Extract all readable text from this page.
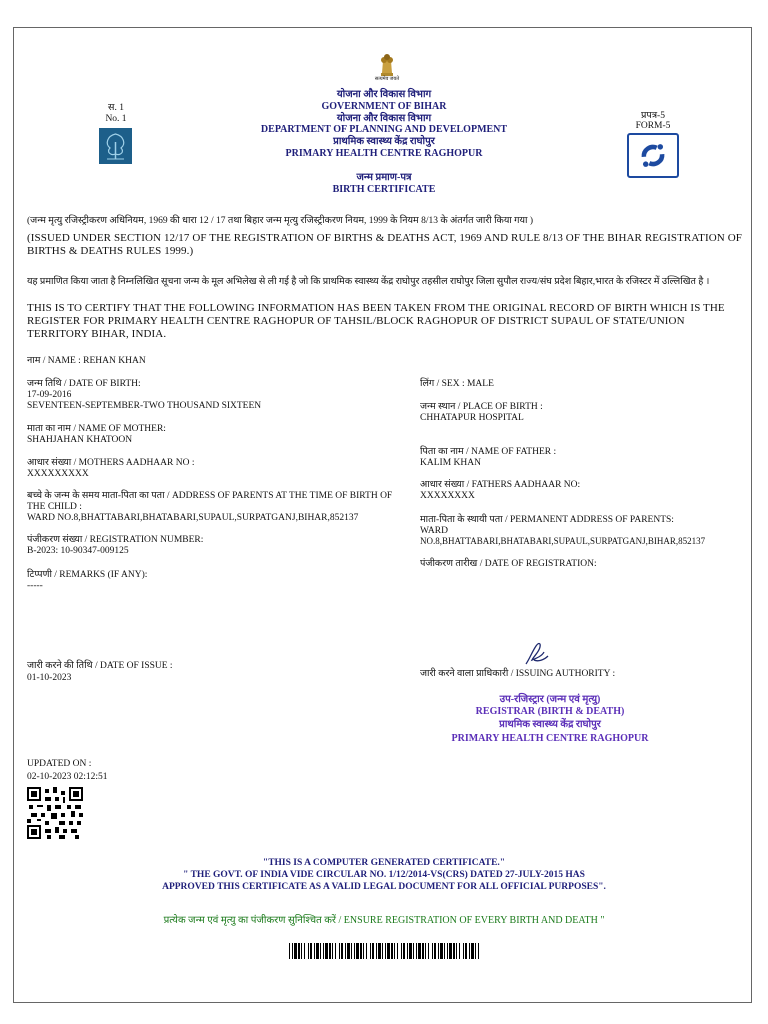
सत्यमेव जयते
स. 1
No. 1
योजना और विकास विभाग
GOVERNMENT OF BIHAR
योजना और विकास विभाग
DEPARTMENT OF PLANNING AND DEVELOPMENT
प्राथमिक स्वास्थ्य केंद्र राघोपुर
PRIMARY HEALTH CENTRE RAGHOPUR
जन्म प्रमाण-पत्र
BIRTH CERTIFICATE
प्रपत्र-5
FORM-5
(जन्म मृत्यु रजिस्ट्रीकरण अधिनियम, 1969 की धारा 12 / 17 तथा बिहार जन्म मृत्यु रजिस्ट्रीकरण नियम, 1999 के नियम 8/13 के अंतर्गत जारी किया गया )
(ISSUED UNDER SECTION 12/17 OF THE REGISTRATION OF BIRTHS & DEATHS ACT, 1969 AND RULE 8/13 OF THE BIHAR REGISTRATION OF BIRTHS & DEATHS RULES 1999.)
यह प्रमाणित किया जाता है निम्नलिखित सूचना जन्म के मूल अभिलेख से ली गई है जो कि प्राथमिक स्वास्थ्य केंद्र राघोपुर तहसील राघोपुर जिला सुपौल राज्य/संघ प्रदेश बिहार,भारत के रजिस्टर में उल्लिखित है ।
THIS IS TO CERTIFY THAT THE FOLLOWING INFORMATION HAS BEEN TAKEN FROM THE ORIGINAL RECORD OF BIRTH WHICH IS THE REGISTER FOR PRIMARY HEALTH CENTRE RAGHOPUR OF TAHSIL/BLOCK RAGHOPUR OF DISTRICT SUPAUL OF STATE/UNION TERRITORY BIHAR, INDIA.
नाम / NAME : REHAN KHAN
जन्म तिथि / DATE OF BIRTH:
17-09-2016
SEVENTEEN-SEPTEMBER-TWO THOUSAND SIXTEEN
माता का नाम / NAME OF MOTHER:
SHAHJAHAN KHATOON
आधार संख्या / MOTHERS AADHAAR NO :
XXXXXXXXX
बच्चे के जन्म के समय माता-पिता का पता / ADDRESS OF PARENTS AT THE TIME OF BIRTH OF THE CHILD :
WARD NO.8,BHATTABARI,BHATABARI,SUPAUL,SURPATGANJ,BIHAR,852137
पंजीकरण संख्या / REGISTRATION NUMBER:
B-2023: 10-90347-009125
टिप्पणी / REMARKS (IF ANY):
-----
जारी करने की तिथि / DATE OF ISSUE :
01-10-2023
लिंग / SEX : MALE
जन्म स्थान / PLACE OF BIRTH :
CHHATAPUR HOSPITAL
पिता का नाम / NAME OF FATHER :
KALIM KHAN
आधार संख्या / FATHERS AADHAAR NO:
XXXXXXXX
माता-पिता के स्थायी पता / PERMANENT ADDRESS OF PARENTS:
WARD
NO.8,BHATTABARI,BHATABARI,SUPAUL,SURPATGANJ,BIHAR,852137
पंजीकरण तारीख / DATE OF REGISTRATION:
जारी करने वाला प्राधिकारी / ISSUING AUTHORITY :
उप-रजिस्ट्रार (जन्म एवं मृत्यु)
REGISTRAR (BIRTH & DEATH)
प्राथमिक स्वास्थ्य केंद्र राघोपुर
PRIMARY HEALTH CENTRE RAGHOPUR
UPDATED ON :
02-10-2023 02:12:51
"THIS IS A COMPUTER GENERATED CERTIFICATE."
" THE GOVT. OF INDIA VIDE CIRCULAR NO. 1/12/2014-VS(CRS) DATED 27-JULY-2015 HAS
APPROVED THIS CERTIFICATE AS A VALID LEGAL DOCUMENT FOR ALL OFFICIAL PURPOSES".
प्रत्येक जन्म एवं मृत्यु का पंजीकरण सुनिश्चित करें / ENSURE REGISTRATION OF EVERY BIRTH AND DEATH "
